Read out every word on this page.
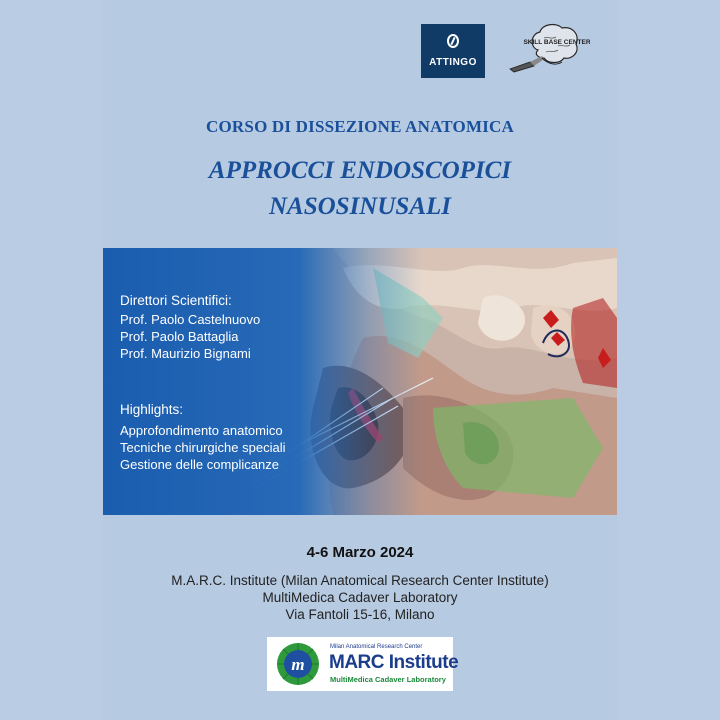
ATTINGO
SKILL BASE CENTER
CORSO DI DISSEZIONE ANATOMICA
APPROCCI ENDOSCOPICI
NASOSINUSALI
Direttori Scientifici:
Prof. Paolo Castelnuovo
Prof. Paolo Battaglia
Prof. Maurizio Bignami
Highlights:
Approfondimento anatomico
Tecniche chirurgiche speciali
Gestione delle complicanze
4-6 Marzo 2024
M.A.R.C. Institute (Milan Anatomical Research Center Institute)
MultiMedica Cadaver Laboratory
Via Fantoli 15-16, Milano
m
Milan Anatomical Research Center
MARC Institute
MultiMedica Cadaver Laboratory
